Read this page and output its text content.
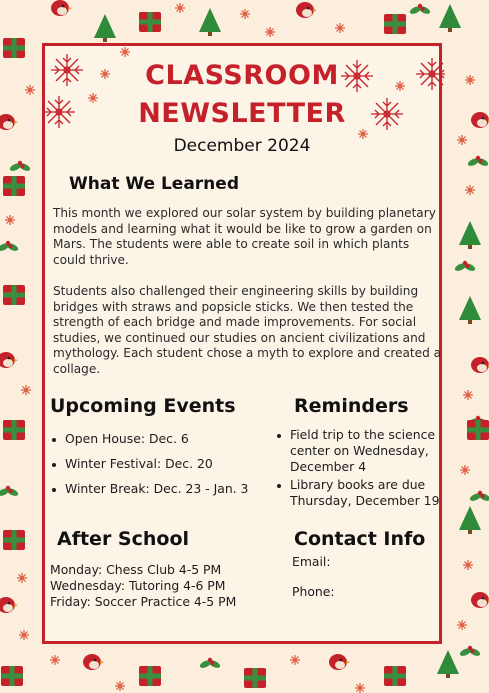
CLASSROOM
NEWSLETTER

December 2024

What We Learned

This month we explored our solar system by building planetary models and learning what it would be like to grow a garden on Mars. The students were able to create soil in which plants could thrive.

Students also challenged their engineering skills by building bridges with straws and popsicle sticks. We then tested the strength of each bridge and made improvements. For social studies, we continued our studies on ancient civilizations and mythology. Each student chose a myth to explore and created a collage.

Upcoming Events
Open House: Dec. 6
Winter Festival: Dec. 20
Winter Break: Dec. 23 - Jan. 3
Reminders
Field trip to the science center on Wednesday, December 4
Library books are due Thursday, December 19
After School
Monday: Chess Club 4-5 PM
Wednesday: Tutoring 4-6 PM
Friday: Soccer Practice 4-5 PM
Contact Info

Email:

Phone:
